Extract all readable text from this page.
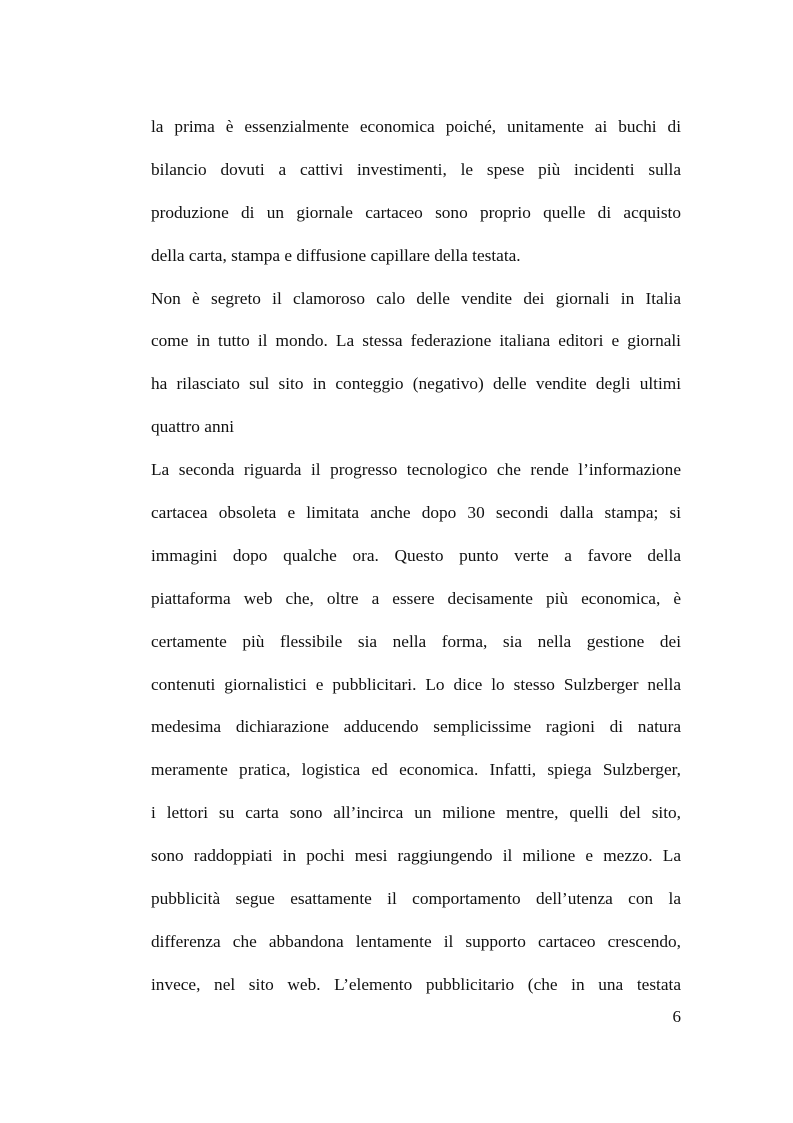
la prima è essenzialmente economica poiché, unitamente ai buchi di
bilancio dovuti a cattivi investimenti, le spese più incidenti sulla
produzione di un giornale cartaceo sono proprio quelle di acquisto
della carta, stampa e diffusione capillare della testata.
Non è segreto il clamoroso calo delle vendite dei giornali in Italia
come in tutto il mondo. La stessa federazione italiana editori e giornali
ha rilasciato sul sito in conteggio (negativo) delle vendite degli ultimi
quattro anni
La seconda riguarda il progresso tecnologico che rende l’informazione
cartacea obsoleta e limitata anche dopo 30 secondi dalla stampa; si
immagini dopo qualche ora. Questo punto verte a favore della
piattaforma web che, oltre a essere decisamente più economica, è
certamente più flessibile sia nella forma, sia nella gestione dei
contenuti giornalistici e pubblicitari. Lo dice lo stesso Sulzberger nella
medesima dichiarazione adducendo semplicissime ragioni di natura
meramente pratica, logistica ed economica. Infatti, spiega Sulzberger,
i lettori su carta sono all’incirca un milione mentre, quelli del sito,
sono raddoppiati in pochi mesi raggiungendo il milione e mezzo. La
pubblicità segue esattamente il comportamento dell’utenza con la
differenza che abbandona lentamente il supporto cartaceo crescendo,
invece, nel sito web. L’elemento pubblicitario (che in una testata
6
